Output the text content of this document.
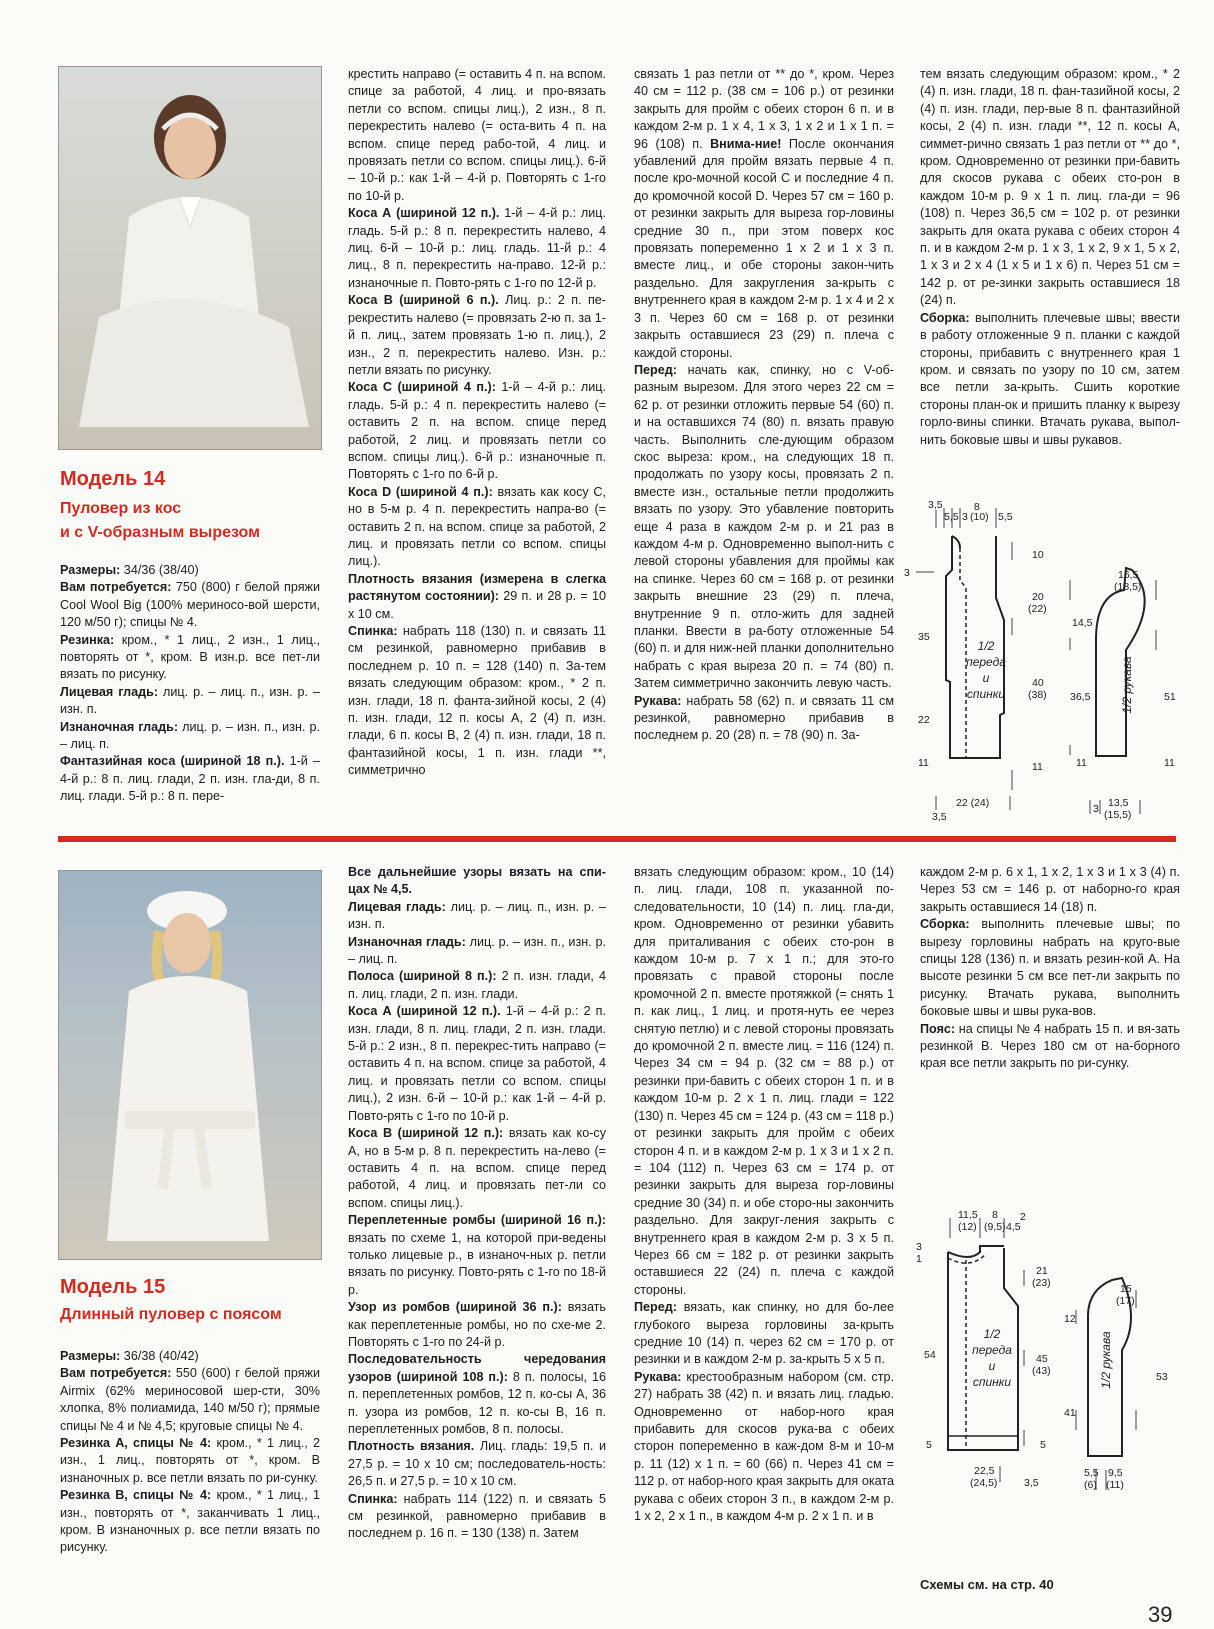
Модель 14
Пуловер из кос
и с V-образным вырезом
Размеры: 34/36 (38/40)
Вам потребуется: 750 (800) г белой пряжи Cool Wool Big (100% мериносо-вой шерсти, 120 м/50 г); спицы № 4.
Резинка: кром., * 1 лиц., 2 изн., 1 лиц., повторять от *, кром. В изн.р. все пет-ли вязать по рисунку.
Лицевая гладь: лиц. р. – лиц. п., изн. р. – изн. п.
Изнаночная гладь: лиц. р. – изн. п., изн. р. – лиц. п.
Фантазийная коса (шириной 18 п.). 1-й – 4-й р.: 8 п. лиц. глади, 2 п. изн. гла-ди, 8 п. лиц. глади. 5-й р.: 8 п. пере-
крестить направо (= оставить 4 п. на вспом. спице за работой, 4 лиц. и про-вязать петли со вспом. спицы лиц.), 2 изн., 8 п. перекрестить налево (= оста-вить 4 п. на вспом. спице перед рабо-той, 4 лиц. и провязать петли со вспом. спицы лиц.). 6-й – 10-й р.: как 1-й – 4-й р. Повторять с 1-го по 10-й р.
Коса А (шириной 12 п.). 1-й – 4-й р.: лиц. гладь. 5-й р.: 8 п. перекрестить налево, 4 лиц. 6-й – 10-й р.: лиц. гладь. 11-й р.: 4 лиц., 8 п. перекрестить на-право. 12-й р.: изнаночные п. Повто-рять с 1-го по 12-й р.
Коса В (шириной 6 п.). Лиц. р.: 2 п. пе-рекрестить налево (= провязать 2-ю п. за 1-й п. лиц., затем провязать 1-ю п. лиц.), 2 изн., 2 п. перекрестить налево. Изн. р.: петли вязать по рисунку.
Коса С (шириной 4 п.): 1-й – 4-й р.: лиц. гладь. 5-й р.: 4 п. перекрестить налево (= оставить 2 п. на вспом. спице перед работой, 2 лиц. и провязать петли со вспом. спицы лиц.). 6-й р.: изнаночные п. Повторять с 1-го по 6-й р.
Коса D (шириной 4 п.): вязать как косу С, но в 5-м р. 4 п. перекрестить напра-во (= оставить 2 п. на вспом. спице за работой, 2 лиц. и провязать петли со вспом. спицы лиц.).
Плотность вязания (измерена в слегка растянутом состоянии): 29 п. и 28 р. = 10 х 10 см.
Спинка: набрать 118 (130) п. и связать 11 см резинкой, равномерно прибавив в последнем р. 10 п. = 128 (140) п. За-тем вязать следующим образом: кром., * 2 п. изн. глади, 18 п. фанта-зийной косы, 2 (4) п. изн. глади, 12 п. косы А, 2 (4) п. изн. глади, 6 п. косы В, 2 (4) п. изн. глади, 18 п. фантазийной косы, 1 п. изн. глади **, симметрично
связать 1 раз петли от ** до *, кром. Через 40 см = 112 р. (38 см = 106 р.) от резинки закрыть для пройм с обеих сторон 6 п. и в каждом 2-м р. 1 х 4, 1 х 3, 1 х 2 и 1 х 1 п. = 96 (108) п. Внима-ние! После окончания убавлений для пройм вязать первые 4 п. после кро-мочной косой С и последние 4 п. до кромочной косой D. Через 57 см = 160 р. от резинки закрыть для выреза гор-ловины средние 30 п., при этом поверх кос провязать попеременно 1 х 2 и 1 х 3 п. вместе лиц., и обе стороны закон-чить раздельно. Для закругления за-крыть с внутреннего края в каждом 2-м р. 1 х 4 и 2 х 3 п. Через 60 см = 168 р. от резинки закрыть оставшиеся 23 (29) п. плеча с каждой стороны.
Перед: начать как, спинку, но с V-об-разным вырезом. Для этого через 22 см = 62 р. от резинки отложить первые 54 (60) п. и на оставшихся 74 (80) п. вязать правую часть. Выполнить сле-дующим образом скос выреза: кром., на следующих 18 п. продолжать по узору косы, провязать 2 п. вместе изн., остальные петли продолжить вязать по узору. Это убавление повторить еще 4 раза в каждом 2-м р. и 21 раз в каждом 4-м р. Одновременно выпол-нить с левой стороны убавления для проймы как на спинке. Через 60 см = 168 р. от резинки закрыть внешние 23 (29) п. плеча, внутренние 9 п. отло-жить для задней планки. Ввести в ра-боту отложенные 54 (60) п. и для ниж-ней планки дополнительно набрать с края выреза 20 п. = 74 (80) п. Затем симметрично закончить левую часть.
Рукава: набрать 58 (62) п. и связать 11 см резинкой, равномерно прибавив в последнем р. 20 (28) п. = 78 (90) п. За-
тем вязать следующим образом: кром., * 2 (4) п. изн. глади, 18 п. фан-тазийной косы, 2 (4) п. изн. глади, пер-вые 8 п. фантазийной косы, 2 (4) п. изн. глади **, 12 п. косы А, симмет-рично связать 1 раз петли от ** до *, кром. Одновременно от резинки при-бавить для скосов рукава с обеих сто-рон в каждом 10-м р. 9 х 1 п. лиц. гла-ди = 96 (108) п. Через 36,5 см = 102 р. от резинки закрыть для оката рукава с обеих сторон 4 п. и в каждом 2-м р. 1 х 3, 1 х 2, 9 х 1, 5 х 2, 1 х 3 и 2 х 4 (1 х 5 и 1 х 6) п. Через 51 см = 142 р. от ре-зинки закрыть оставшиеся 18 (24) п.
Сборка: выполнить плечевые швы; ввести в работу отложенные 9 п. планки с каждой стороны, прибавить с внутреннего края 1 кром. и связать по узору по 10 см, затем все петли за-крыть. Сшить короткие стороны план-ок и пришить планку к вырезу горло-вины спинки. Втачать рукава, выпол-нить боковые швы и швы рукавов.
3,5
5,5 3
8
(10) 5,5
3
35
22
11
3,5
10
20
(22)
40
(38)
11
22 (24)
16,5
(18,5)
14,5
36,5
11
51
11
3 13,5
(15,5)
1/2
переда
и
спинки	1/2 рукава
Модель 15
Длинный пуловер с поясом
Размеры: 36/38 (40/42)
Вам потребуется: 550 (600) г белой пряжи Airmix (62% мериносовой шер-сти, 30% хлопка, 8% полиамида, 140 м/50 г); прямые спицы № 4 и № 4,5; круговые спицы № 4.
Резинка А, спицы № 4: кром., * 1 лиц., 2 изн., 1 лиц., повторять от *, кром. В изнаночных р. все петли вязать по ри-сунку.
Резинка В, спицы № 4: кром., * 1 лиц., 1 изн., повторять от *, заканчивать 1 лиц., кром. В изнаночных р. все петли вязать по рисунку.
Все дальнейшие узоры вязать на спи-цах № 4,5.
Лицевая гладь: лиц. р. – лиц. п., изн. р. – изн. п.
Изнаночная гладь: лиц. р. – изн. п., изн. р. – лиц. п.
Полоса (шириной 8 п.): 2 п. изн. глади, 4 п. лиц. глади, 2 п. изн. глади.
Коса А (шириной 12 п.). 1-й – 4-й р.: 2 п. изн. глади, 8 п. лиц. глади, 2 п. изн. глади. 5-й р.: 2 изн., 8 п. перекрес-тить направо (= оставить 4 п. на вспом. спице за работой, 4 лиц. и провязать петли со вспом. спицы лиц.), 2 изн. 6-й – 10-й р.: как 1-й – 4-й р. Повто-рять с 1-го по 10-й р.
Коса В (шириной 12 п.): вязать как ко-су А, но в 5-м р. 8 п. перекрестить на-лево (= оставить 4 п. на вспом. спице перед работой, 4 лиц. и провязать пет-ли со вспом. спицы лиц.).
Переплетенные ромбы (шириной 16 п.): вязать по схеме 1, на которой при-ведены только лицевые р., в изнаноч-ных р. петли вязать по рисунку. Повто-рять с 1-го по 18-й р.
Узор из ромбов (шириной 36 п.): вязать как переплетенные ромбы, но по схе-ме 2. Повторять с 1-го по 24-й р.
Последовательность чередования узоров (шириной 108 п.): 8 п. полосы, 16 п. переплетенных ромбов, 12 п. ко-сы А, 36 п. узора из ромбов, 12 п. ко-сы В, 16 п. переплетенных ромбов, 8 п. полосы.
Плотность вязания. Лиц. гладь: 19,5 п. и 27,5 р. = 10 х 10 см; последователь-ность: 26,5 п. и 27,5 р. = 10 х 10 см.
Спинка: набрать 114 (122) п. и связать 5 см резинкой, равномерно прибавив в последнем р. 16 п. = 130 (138) п. Затем
вязать следующим образом: кром., 10 (14) п. лиц. глади, 108 п. указанной по-следовательности, 10 (14) п. лиц. гла-ди, кром. Одновременно от резинки убавить для приталивания с обеих сто-рон в каждом 10-м р. 7 х 1 п.; для это-го провязать с правой стороны после кромочной 2 п. вместе протяжкой (= снять 1 п. как лиц., 1 лиц. и протя-нуть ее через снятую петлю) и с левой стороны провязать до кромочной 2 п. вместе лиц. = 116 (124) п. Через 34 см = 94 р. (32 см = 88 р.) от резинки при-бавить с обеих сторон 1 п. и в каждом 10-м р. 2 х 1 п. лиц. глади = 122 (130) п. Через 45 см = 124 р. (43 см = 118 р.) от резинки закрыть для пройм с обеих сторон 4 п. и в каждом 2-м р. 1 х 3 и 1 х 2 п. = 104 (112) п. Через 63 см = 174 р. от резинки закрыть для выреза гор-ловины средние 30 (34) п. и обе сторо-ны закончить раздельно. Для закруг-ления закрыть с внутреннего края в каждом 2-м р. 3 х 5 п. Через 66 см = 182 р. от резинки закрыть оставшиеся 22 (24) п. плеча с каждой стороны.
Перед: вязать, как спинку, но для бо-лее глубокого выреза горловины за-крыть средние 10 (14) п. через 62 см = 170 р. от резинки и в каждом 2-м р. за-крыть 5 х 5 п.
Рукава: крестообразным набором (см. стр. 27) набрать 38 (42) п. и вязать лиц. гладью. Одновременно от набор-ного края прибавить для скосов рука-ва с обеих сторон попеременно в каж-дом 8-м и 10-м р. 11 (12) х 1 п. = 60 (66) п. Через 41 см = 112 р. от набор-ного края закрыть для оката рукава с обеих сторон 3 п., в каждом 2-м р. 1 х 2, 2 х 1 п., в каждом 4-м р. 2 х 1 п. и в
каждом 2-м р. 6 х 1, 1 х 2, 1 х 3 и 1 х 3 (4) п. Через 53 см = 146 р. от наборно-го края закрыть оставшиеся 14 (18) п.
Сборка: выполнить плечевые швы; по вырезу горловины набрать на круго-вые спицы 128 (136) п. и вязать резин-кой А. На высоте резинки 5 см все пет-ли закрыть по рисунку. Втачать рукава, выполнить боковые швы и швы рука-вов.
Пояс: на спицы № 4 набрать 15 п. и вя-зать резинкой В. Через 180 см от на-борного края все петли закрыть по ри-сунку.
11,5
(12)
8
(9,5) 4,5
2
3
1
54
5
21
(23)
45
(43)
5
22,5
(24,5)	3,5
15
(17)
12
41
53
5,5
(6)
9,5
(11)
1/2
переда
и
спинки	1/2 рукава
Схемы см. на стр. 40
39
